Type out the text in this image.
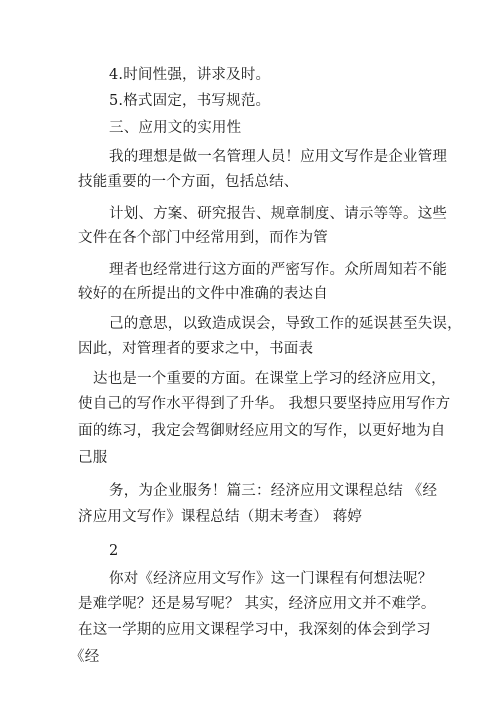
4.时间性强，讲求及时。
5.格式固定，书写规范。
三、应用文的实用性
我的理想是做一名管理人员！应用文写作是企业管理
技能重要的一个方面，包括总结、
计划、方案、研究报告、规章制度、请示等等。这些
文件在各个部门中经常用到，而作为管
理者也经常进行这方面的严密写作。众所周知若不能
较好的在所提出的文件中准确的表达自
己的意思，以致造成误会，导致工作的延误甚至失误，
因此，对管理者的要求之中，书面表
达也是一个重要的方面。在课堂上学习的经济应用文，
使自己的写作水平得到了升华。 我想只要坚持应用写作方
面的练习，我定会驾御财经应用文的写作，以更好地为自
己服
务，为企业服务！篇三：经济应用文课程总结 《经
济应用文写作》课程总结（期末考查） 蒋婷
2
你对《经济应用文写作》这一门课程有何想法呢？
是难学呢？还是易写呢？ 其实，经济应用文并不难学。
在这一学期的应用文课程学习中，我深刻的体会到学习
《经
